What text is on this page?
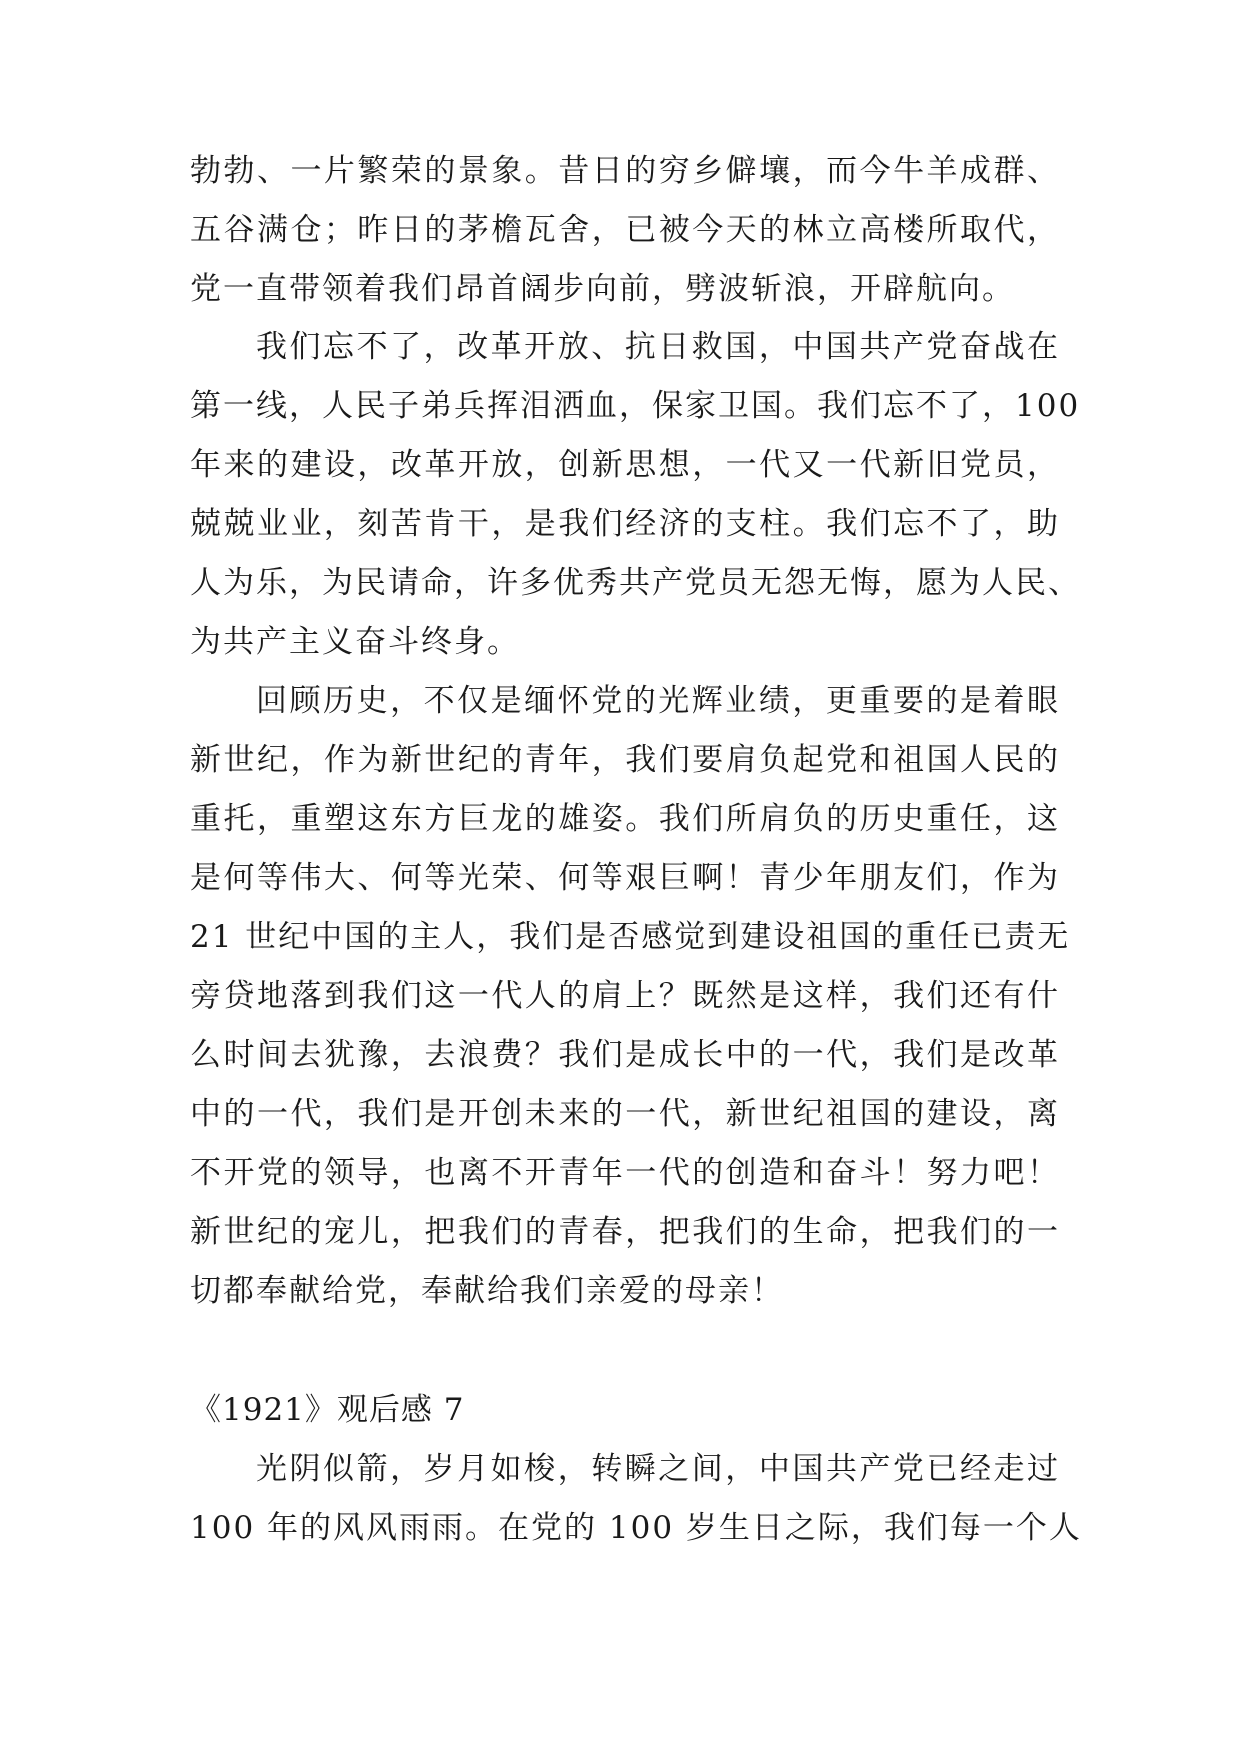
勃勃、一片繁荣的景象。昔日的穷乡僻壤，而今牛羊成群、
五谷满仓；昨日的茅檐瓦舍，已被今天的林立高楼所取代，
党一直带领着我们昂首阔步向前，劈波斩浪，开辟航向。
我们忘不了，改革开放、抗日救国，中国共产党奋战在
第一线，人民子弟兵挥泪洒血，保家卫国。我们忘不了，100
年来的建设，改革开放，创新思想，一代又一代新旧党员，
兢兢业业，刻苦肯干，是我们经济的支柱。我们忘不了，助
人为乐，为民请命，许多优秀共产党员无怨无悔，愿为人民、
为共产主义奋斗终身。
回顾历史，不仅是缅怀党的光辉业绩，更重要的是着眼
新世纪，作为新世纪的青年，我们要肩负起党和祖国人民的
重托，重塑这东方巨龙的雄姿。我们所肩负的历史重任，这
是何等伟大、何等光荣、何等艰巨啊！青少年朋友们，作为
21 世纪中国的主人，我们是否感觉到建设祖国的重任已责无
旁贷地落到我们这一代人的肩上？既然是这样，我们还有什
么时间去犹豫，去浪费？我们是成长中的一代，我们是改革
中的一代，我们是开创未来的一代，新世纪祖国的建设，离
不开党的领导，也离不开青年一代的创造和奋斗！努力吧！
新世纪的宠儿，把我们的青春，把我们的生命，把我们的一
切都奉献给党，奉献给我们亲爱的母亲！
《1921》观后感 7
光阴似箭，岁月如梭，转瞬之间，中国共产党已经走过
100 年的风风雨雨。在党的 100 岁生日之际，我们每一个人
